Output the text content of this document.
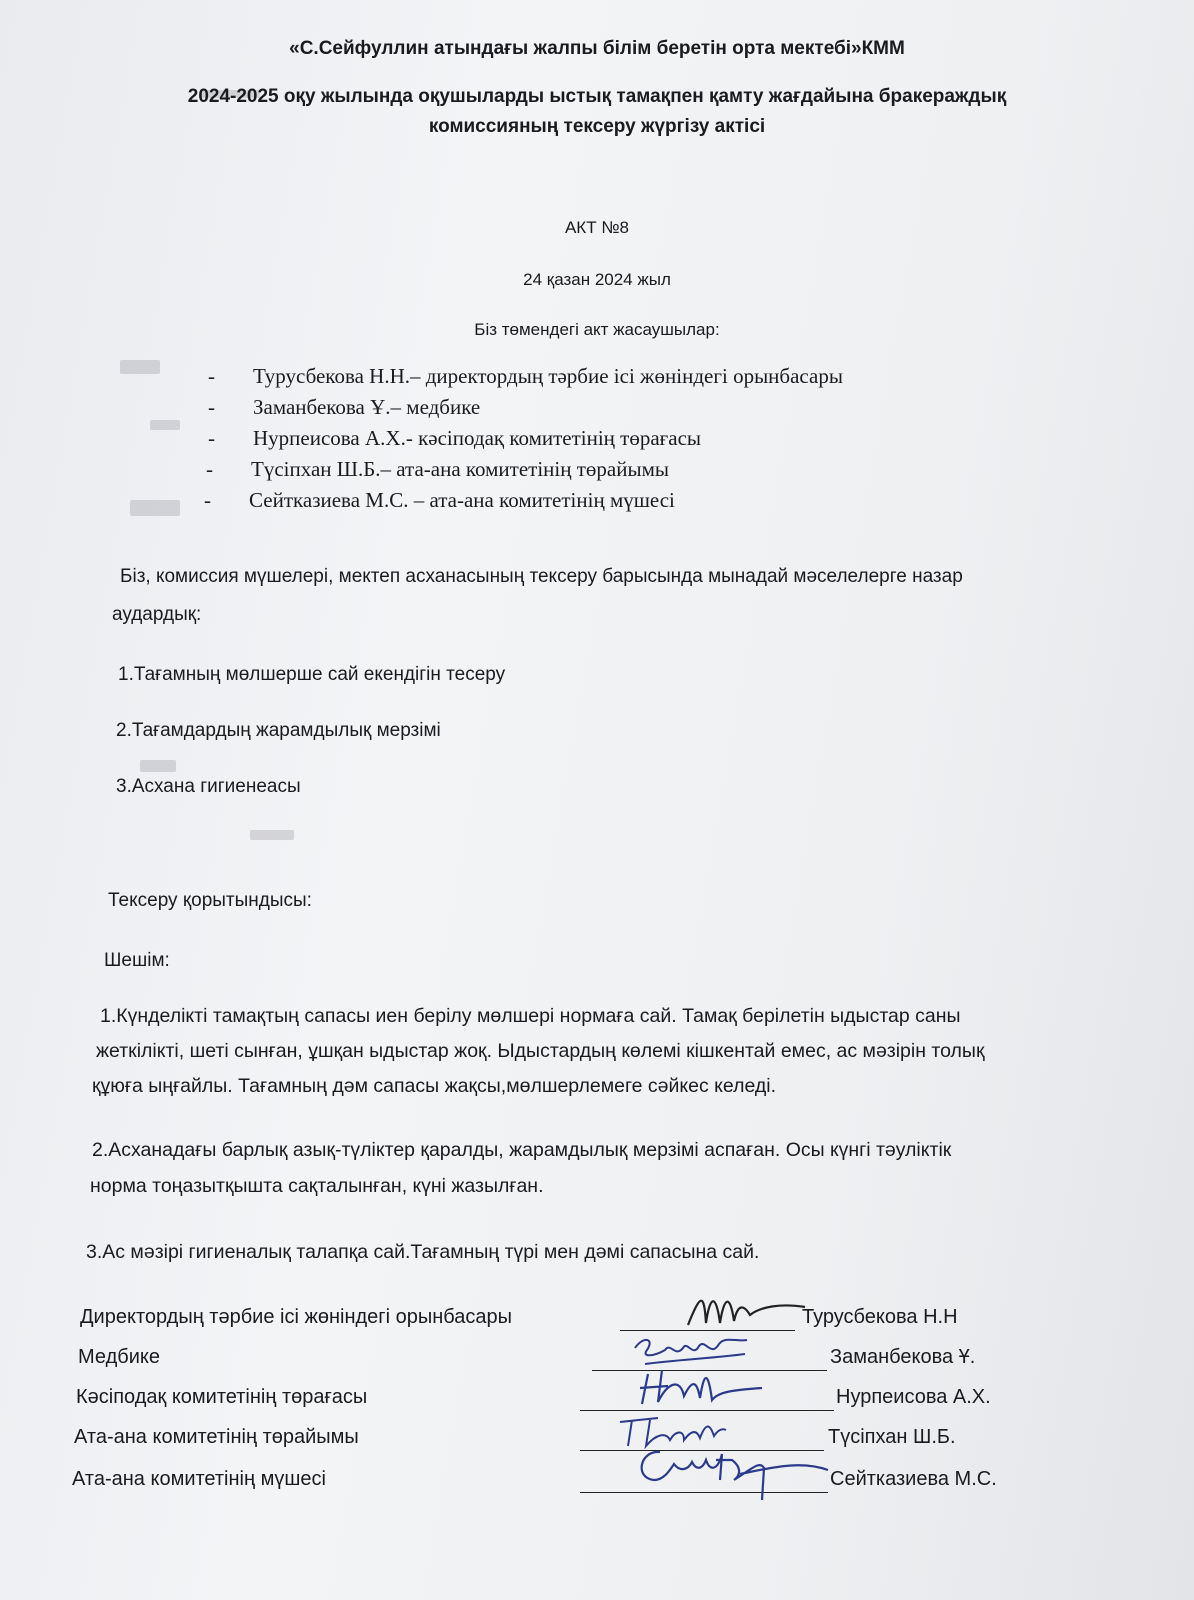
«С.Сейфуллин атындағы жалпы білім беретін орта мектебі»КММ
2024-2025 оқу жылында оқушыларды ыстық тамақпен қамту жағдайына бракераждық
комиссияның тексеру жүргізу актісі
АКТ №8
24 қазан 2024 жыл
Біз төмендегі акт жасаушылар:
- Турусбекова Н.Н.– директордың тәрбие ісі жөніндегі орынбасары
- Заманбекова Ұ.– медбике
- Нурпеисова А.Х.- кәсіподақ комитетінің төрағасы
- Түсіпхан Ш.Б.– ата-ана комитетінің төрайымы
- Сейтказиева М.С. – ата-ана комитетінің мүшесі
Біз, комиссия мүшелері, мектеп асханасының тексеру барысында мынадай мәселелерге назар
аудардық:
1.Тағамның мөлшерше сай екендігін тесеру
2.Тағамдардың жарамдылық мерзімі
3.Асхана гигиенеасы
Тексеру қорытындысы:
Шешім:
1.Күнделікті тамақтың сапасы иен берілу мөлшері нормаға сай. Тамақ берілетін ыдыстар саны
жеткілікті, шеті сынған, ұшқан ыдыстар жоқ. Ыдыстардың көлемі кішкентай емес, ас мәзірін толық
құюға ыңғайлы. Тағамның дәм сапасы жақсы,мөлшерлемеге сәйкес келеді.
2.Асханадағы барлық азық-түліктер қаралды, жарамдылық мерзімі аспаған. Осы күнгі тәуліктік
норма тоңазытқышта сақталынған, күні жазылған.
3.Ас мәзірі гигиеналық талапқа сай.Тағамның түрі мен дәмі сапасына сай.
Директордың тәрбие ісі жөніндегі орынбасары	Турусбекова Н.Н
Медбике	Заманбекова Ұ.
Кәсіподақ комитетінің төрағасы	Нурпеисова А.Х.
Ата-ана комитетінің төрайымы	Түсіпхан Ш.Б.
Ата-ана комитетінің мүшесі	Сейтказиева М.С.
